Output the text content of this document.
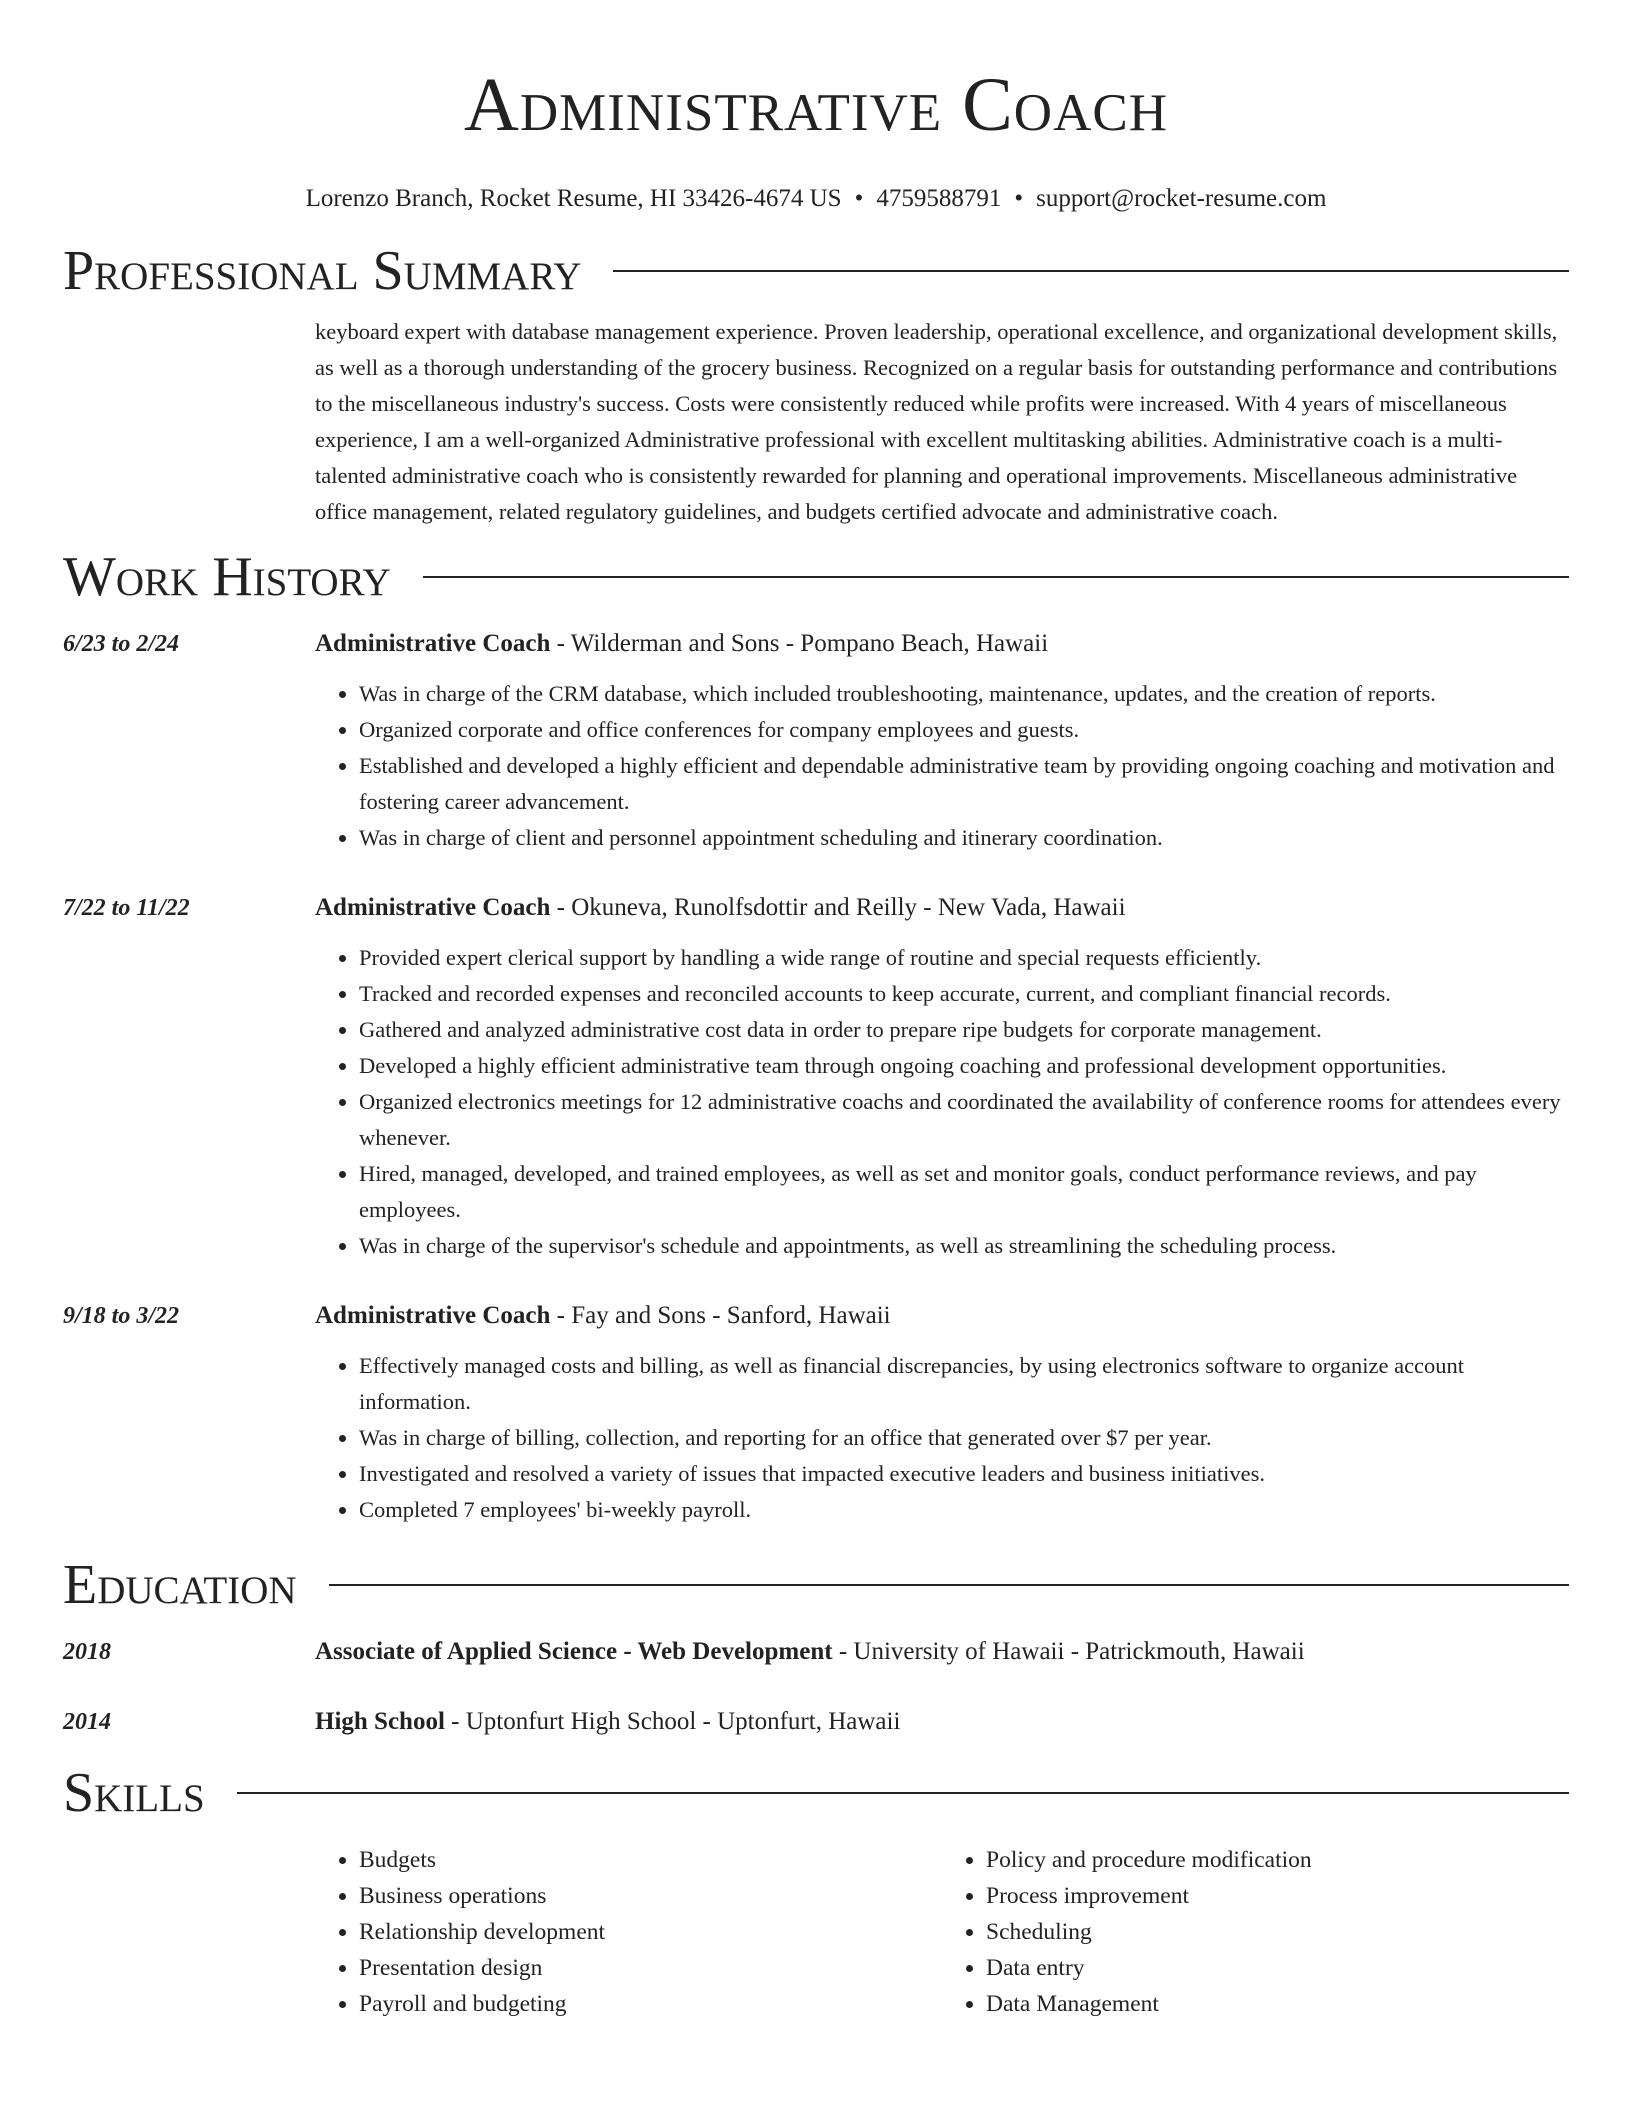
Administrative Coach
Lorenzo Branch, Rocket Resume, HI 33426-4674 US • 4759588791 • support@rocket-resume.com
Professional Summary
keyboard expert with database management experience. Proven leadership, operational excellence, and organizational development skills, as well as a thorough understanding of the grocery business. Recognized on a regular basis for outstanding performance and contributions to the miscellaneous industry's success. Costs were consistently reduced while profits were increased. With 4 years of miscellaneous experience, I am a well-organized Administrative professional with excellent multitasking abilities. Administrative coach is a multi-talented administrative coach who is consistently rewarded for planning and operational improvements. Miscellaneous administrative office management, related regulatory guidelines, and budgets certified advocate and administrative coach.
Work History
6/23 to 2/24	Administrative Coach - Wilderman and Sons - Pompano Beach, Hawaii
• Was in charge of the CRM database, which included troubleshooting, maintenance, updates, and the creation of reports.
• Organized corporate and office conferences for company employees and guests.
• Established and developed a highly efficient and dependable administrative team by providing ongoing coaching and motivation and fostering career advancement.
• Was in charge of client and personnel appointment scheduling and itinerary coordination.
7/22 to 11/22	Administrative Coach - Okuneva, Runolfsdottir and Reilly - New Vada, Hawaii
• Provided expert clerical support by handling a wide range of routine and special requests efficiently.
• Tracked and recorded expenses and reconciled accounts to keep accurate, current, and compliant financial records.
• Gathered and analyzed administrative cost data in order to prepare ripe budgets for corporate management.
• Developed a highly efficient administrative team through ongoing coaching and professional development opportunities.
• Organized electronics meetings for 12 administrative coachs and coordinated the availability of conference rooms for attendees every whenever.
• Hired, managed, developed, and trained employees, as well as set and monitor goals, conduct performance reviews, and pay employees.
• Was in charge of the supervisor's schedule and appointments, as well as streamlining the scheduling process.
9/18 to 3/22	Administrative Coach - Fay and Sons - Sanford, Hawaii
• Effectively managed costs and billing, as well as financial discrepancies, by using electronics software to organize account information.
• Was in charge of billing, collection, and reporting for an office that generated over $7 per year.
• Investigated and resolved a variety of issues that impacted executive leaders and business initiatives.
• Completed 7 employees' bi-weekly payroll.
Education
2018	Associate of Applied Science - Web Development - University of Hawaii - Patrickmouth, Hawaii
2014	High School - Uptonfurt High School - Uptonfurt, Hawaii
Skills
• Budgets
• Business operations
• Relationship development
• Presentation design
• Payroll and budgeting
• Policy and procedure modification
• Process improvement
• Scheduling
• Data entry
• Data Management
